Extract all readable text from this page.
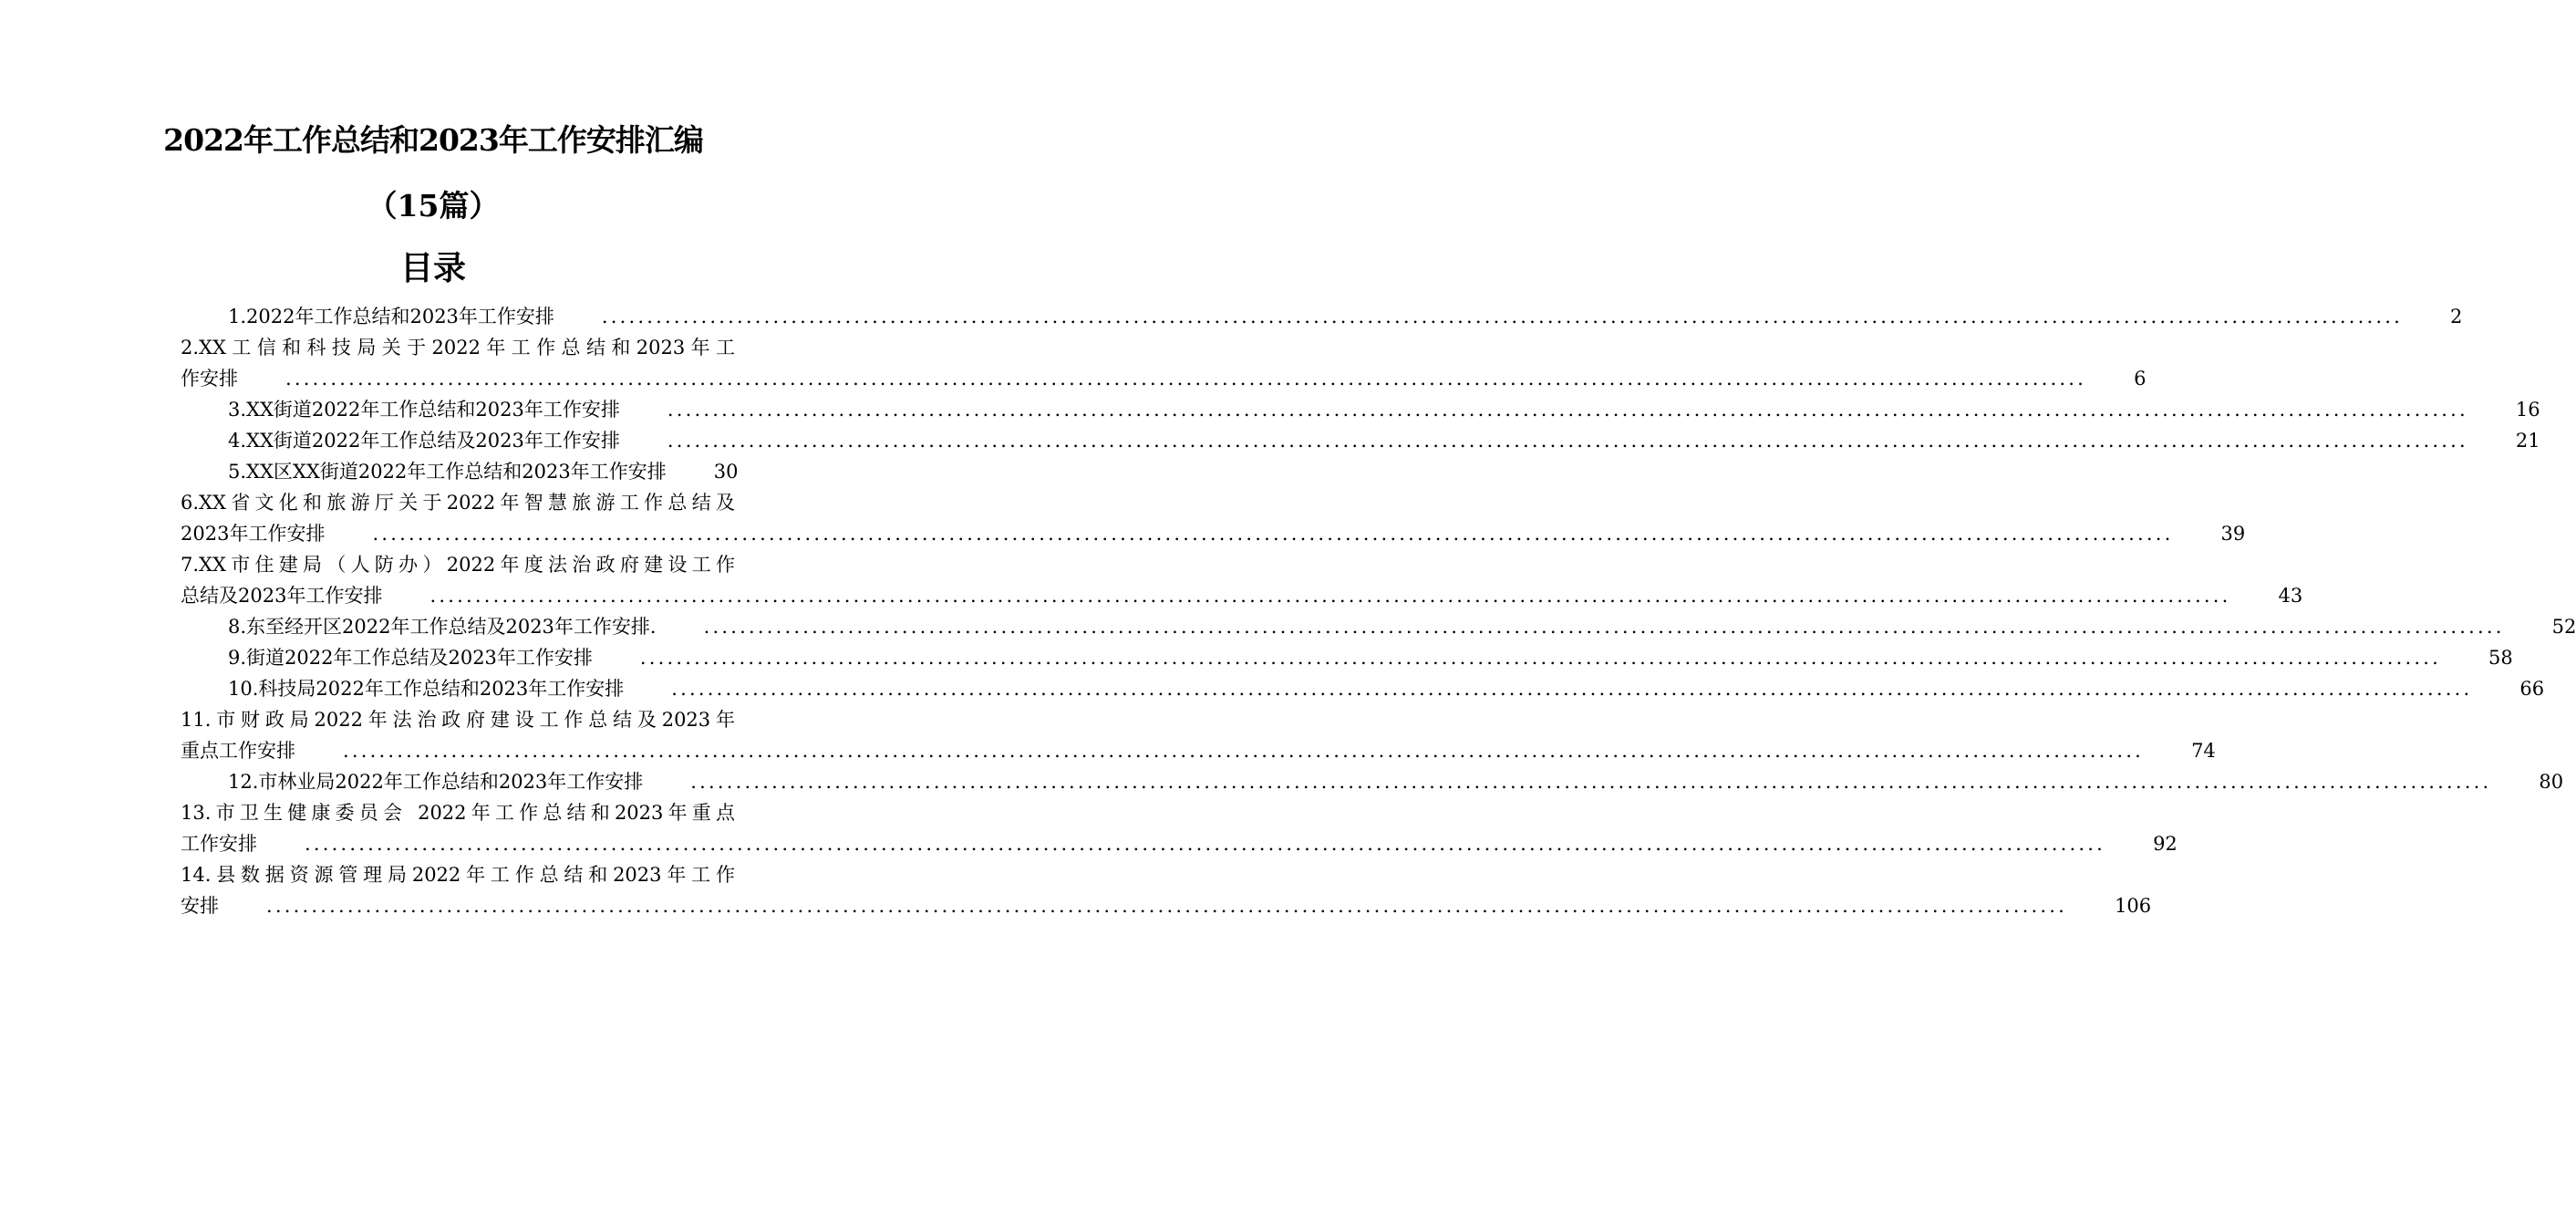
2022年工作总结和2023年工作安排汇编
（15篇）
目录
1.2022年工作总结和2023年工作安排	........................................................................................................................................................................................................	2
2.XX工信和科技局关于2022年工作总结和2023年工
作安排	........................................................................................................................................................................................................	6
3.XX街道2022年工作总结和2023年工作安排	........................................................................................................................................................................................................	16
4.XX街道2022年工作总结及2023年工作安排	........................................................................................................................................................................................................	21
5.XX区XX街道2022年工作总结和2023年工作安排	30
6.XX省文化和旅游厅关于2022年智慧旅游工作总结及
2023年工作安排	........................................................................................................................................................................................................	39
7.XX市住建局（人防办）2022年度法治政府建设工作
总结及2023年工作安排	........................................................................................................................................................................................................	43
8.东至经开区2022年工作总结及2023年工作安排.	........................................................................................................................................................................................................	52
9.街道2022年工作总结及2023年工作安排	........................................................................................................................................................................................................	58
10.科技局2022年工作总结和2023年工作安排	........................................................................................................................................................................................................	66
11.市财政局2022年法治政府建设工作总结及2023年
重点工作安排	........................................................................................................................................................................................................	74
12.市林业局2022年工作总结和2023年工作安排	........................................................................................................................................................................................................	80
13.市卫生健康委员会 2022年工作总结和2023年重点
工作安排	........................................................................................................................................................................................................	92
14.县数据资源管理局2022年工作总结和2023年工作
安排	........................................................................................................................................................................................................	106
